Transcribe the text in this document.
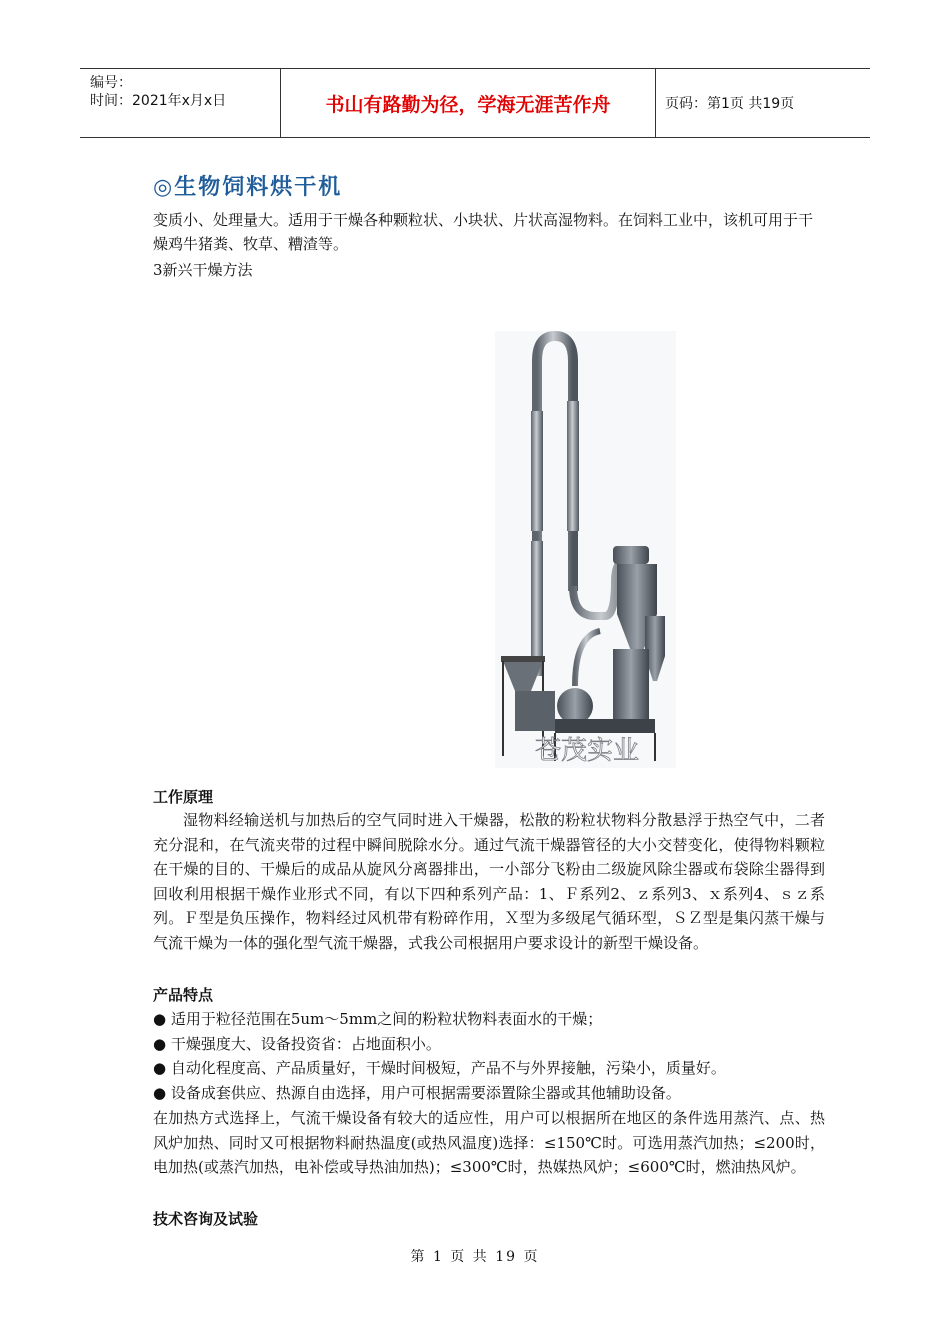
编号：
时间：2021年x月x日	书山有路勤为径，学海无涯苦作舟	页码：第1页 共19页
◎生物饲料烘干机
变质小、处理量大。适用于干燥各种颗粒状、小块状、片状高湿物料。在饲料工业中，该机可用于干燥鸡牛猪粪、牧草、糟渣等。
3新兴干燥方法
苍茂实业
工作原理
湿物料经输送机与加热后的空气同时进入干燥器，松散的粉粒状物料分散悬浮于热空气中，二者充分混和，在气流夹带的过程中瞬间脱除水分。通过气流干燥器管径的大小交替变化，使得物料颗粒在干燥的目的、干燥后的成品从旋风分离器排出，一小部分飞粉由二级旋风除尘器或布袋除尘器得到回收利用根据干燥作业形式不同，有以下四种系列产品：1、Ｆ系列2、ｚ系列3、ｘ系列4、ｓｚ系列。Ｆ型是负压操作，物料经过风机带有粉碎作用，Ｘ型为多级尾气循环型，ＳＺ型是集闪蒸干燥与气流干燥为一体的强化型气流干燥器，式我公司根据用户要求设计的新型干燥设备。
产品特点
● 适用于粒径范围在5um～5mm之间的粉粒状物料表面水的干燥；
● 干燥强度大、设备投资省：占地面积小。
● 自动化程度高、产品质量好，干燥时间极短，产品不与外界接触，污染小，质量好。
● 设备成套供应、热源自由选择，用户可根据需要添置除尘器或其他辅助设备。
在加热方式选择上，气流干燥设备有较大的适应性，用户可以根据所在地区的条件选用蒸汽、点、热风炉加热、同时又可根据物料耐热温度(或热风温度)选择：≤150℃时。可选用蒸汽加热；≤200时，电加热(或蒸汽加热，电补偿或导热油加热)；≤300℃时，热媒热风炉；≤600℃时，燃油热风炉。
技术咨询及试验
第 1 页 共 19 页
